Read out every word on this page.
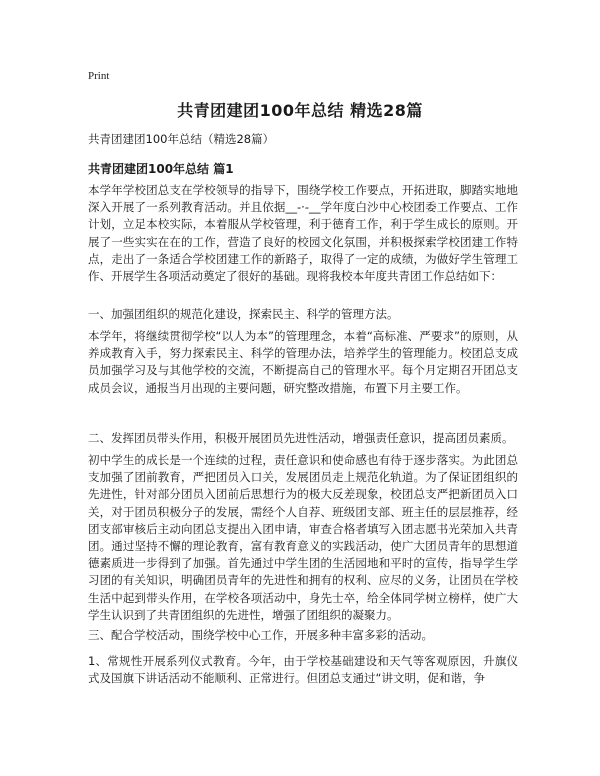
Print
共青团建团100年总结 精选28篇
共青团建团100年总结（精选28篇）
共青团建团100年总结 篇1
本学年学校团总支在学校领导的指导下，围绕学校工作要点，开拓进取，脚踏实地地深入开展了一系列教育活动。并且依据__-·-__学年度白沙中心校团委工作要点、工作计划，立足本校实际，本着服从学校管理，利于德育工作，利于学生成长的原则。开展了一些实实在在的工作，营造了良好的校园文化氛围，并积极探索学校团建工作特点，走出了一条适合学校团建工作的新路子，取得了一定的成绩，为做好学生管理工作、开展学生各项活动奠定了很好的基础。现将我校本年度共青团工作总结如下：
一、加强团组织的规范化建设，探索民主、科学的管理方法。
本学年，将继续贯彻学校“以人为本”的管理理念，本着“高标准、严要求”的原则，从养成教育入手，努力探索民主、科学的管理办法，培养学生的管理能力。校团总支成员加强学习及与其他学校的交流，不断提高自己的管理水平。每个月定期召开团总支成员会议，通报当月出现的主要问题，研究整改措施，布置下月主要工作。
二、发挥团员带头作用，积极开展团员先进性活动，增强责任意识，提高团员素质。
初中学生的成长是一个连续的过程，责任意识和使命感也有待于逐步落实。为此团总支加强了团前教育，严把团员入口关，发展团员走上规范化轨道。为了保证团组织的先进性，针对部分团员入团前后思想行为的极大反差现象，校团总支严把新团员入口关，对于团员积极分子的发展，需经个人自荐、班级团支部、班主任的层层推荐，经团支部审核后主动向团总支提出入团申请，审查合格者填写入团志愿书光荣加入共青团。通过坚持不懈的理论教育，富有教育意义的实践活动，使广大团员青年的思想道德素质进一步得到了加强。首先通过中学生团的生活园地和平时的宣传，指导学生学习团的有关知识，明确团员青年的先进性和拥有的权利、应尽的义务，让团员在学校生活中起到带头作用，在学校各项活动中，身先士卒，给全体同学树立榜样，使广大学生认识到了共青团组织的先进性，增强了团组织的凝聚力。
三、配合学校活动，围绕学校中心工作，开展多种丰富多彩的活动。
1、常规性开展系列仪式教育。今年，由于学校基础建设和天气等客观原因，升旗仪式及国旗下讲话活动不能顺利、正常进行。但团总支通过“讲文明，促和谐，争
